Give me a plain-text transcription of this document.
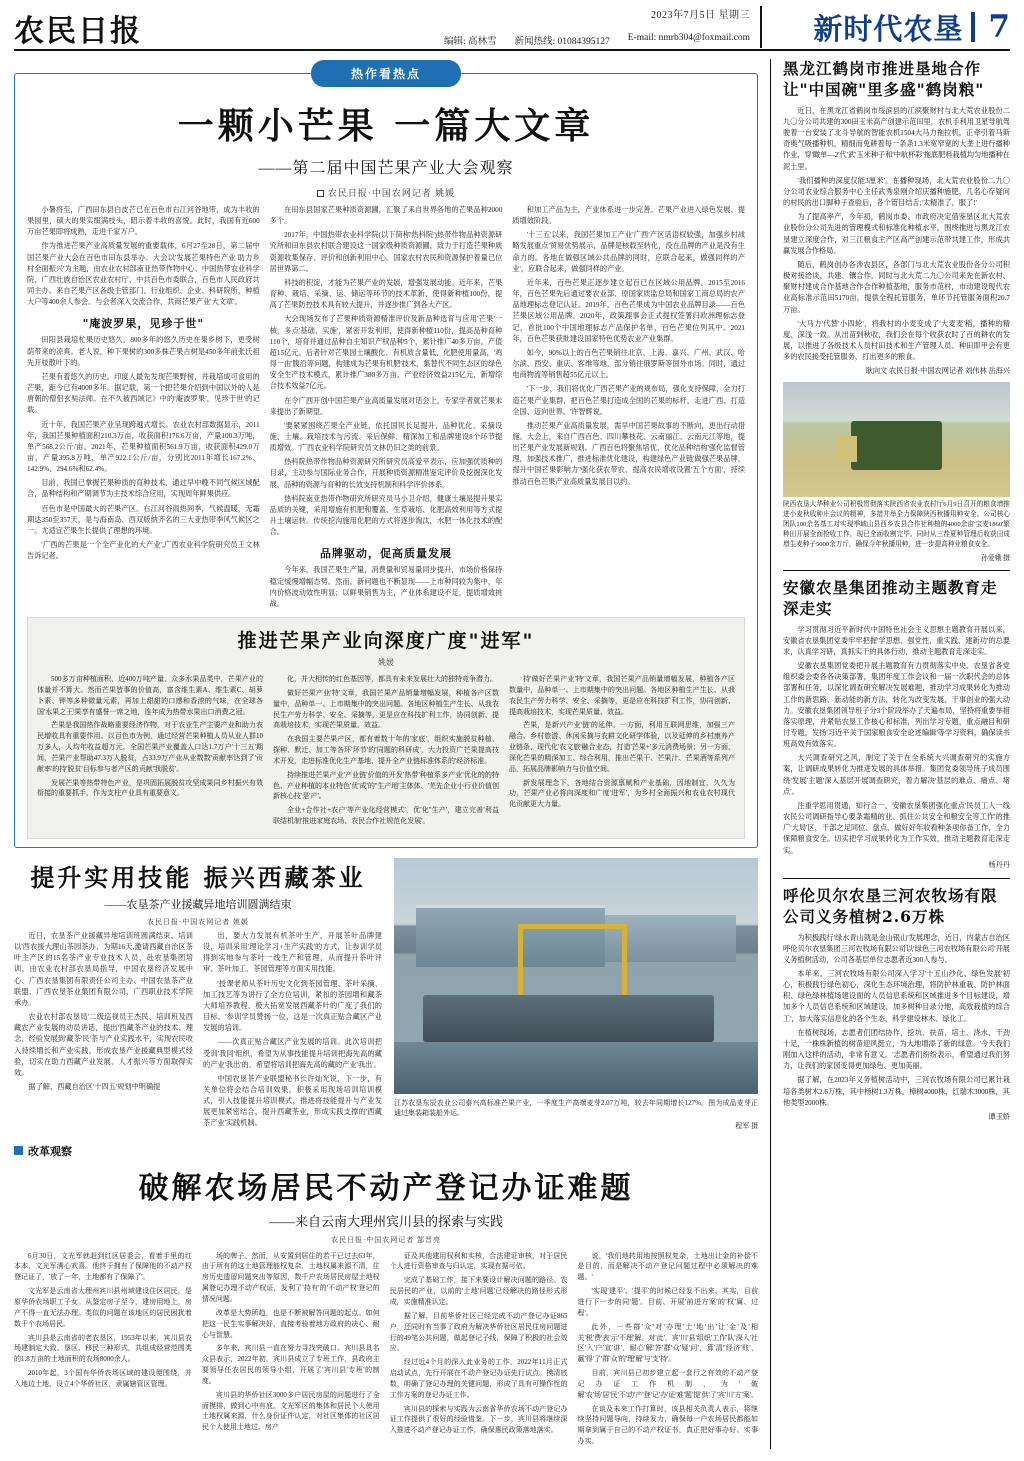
农民日报	2023年7月5日 星期三
编辑: 高林雪 新闻热线: 01084395127 E-mail: nmrb304@foxmail.com 新时代农垦 7
热作看热点
一颗小芒果 一篇大文章
——第二届中国芒果产业大会观察
农民日报·中国农网记者 姚媛

小暑将至，广西田东县白皮芒已在百色市右江河谷地带，成为丰收的果园里，硕大的果实缀满枝头，昭示着丰收的喜悦。此时，我国有近600万亩芒果即将成熟，走进千家万户。

作为推进芒果产业高质量发展的重要载体，6月27至28日，第二届中国芒果产业大会在百色市田东县举办。大会以'发展芒果特色产业 助力乡村全面振兴'为主题，由农业农村部南亚热带作物中心、中国热带农业科学院、广西壮族自治区农业农村厅、中共百色市委联合，百色市人民政府共同主办。来自芒果产区各级主管部门、行业组织、企业、科研院所，种植大户等400余人参会。与会者深入交流合作，共商芒果产业'大文章'。

"庵波罗果，见珍于世"

田阳县栽培杧果历史悠久，800多年的悠久历史在果乡树下，更受树荫带来的凉爽。老人说，种下果树的300多株芒果古树是450多年前张氏祖先开枝散叶下的。

芒果有着悠久的历史。印度人最先发现芒果野树，并栽培成可食用的芒果，距今已有4000多年。据记载，第一个把芒果介绍到中国以外的人是唐朝的僧侣玄奘法师。在不久被西域记》中的'庵波罗果'，见珍于世'的记载。

近十年，我国芒果产业呈现跨越式增长。农业农村部数据显示，2011年，我国芒果种植面积210.3万亩，收获面积176.6万亩，产量100.3万吨，单产568.2公斤/亩。2021年，芒果种植面积561.9万亩，收获面积429.0万亩，产量395.8万吨，单产922.1公斤/亩，分别比2011年增长167.2%、142.9%、294.6%和62.4%。

目前，我国已掌握芒果种质的育种技术，通过早中晚不同气候区域配合，品种结构和产期调节为主技术综合应用，实现周年鲜果供应。

百色市是中国最大的芒果产区。右江河谷雨热同季，气候温暖，无霜期达350至357天，是与海南岛、西双版纳齐名的三大亚热带季风气候区之一。尤适宜芒果生长提供了理想的环境。

'广西的芒果是一个全产业化的大产业',广西农业科学院研究员王文林告诉记者。

在田东县国家芒果种质资源圃，汇聚了来自世界各地的芒果品种2000多个。

2017年，中国热带农业科学院(以下简称'热科院')热带作物品种资源研究所和田东县农村联合建设这一国家级种质资源圃，致力于打造芒果种质资源收集保存、评价和创新利用中心。国家农村农民和资源保护着量已位居世界第二。

科技的积淀，才能为芒果产业的发展，增强发展动能。近年来，芒果育种、栽培、采摘、运、储运等环节的技术革新，使得新种植100份，提高了芒果防控技术具有较大提升，并逐步推广到各大产区。

大会现场发布了芒果种质资源精准评价及新品种选育与应用'芒果'一核，多点'基础、实施'，紧密开发利用，使得新种植110份，提高品种育种110个，培育并通过品种自主知识产权品种5个，累计推广40多万亩，产值超15亿元。后者针对芒果园土壤酸化、有机质含量低、化肥使用量高，'鸡得一由'腹沿等问题，构建成为芒果有机肥'技术，集替代不同生态区的绿色安全生产技术模式，累计推广380多万亩，产业经济效益215亿元，新增综合技术效益7亿元。

在令广西开创中国芒果产业高质量发展对话会上，专家学者就芒果未来提出了新期望。

'要紧紧围绕芒果全产业链，依托国民长足提升，品种优化、采摘设施、土壤、栽培技术与污流、采后保鲜、精深加工和品牌建设8个环节提质增效。'广西农业科学院研究员文林仍旧之类的前景。

热科院热带作物品种资源研究所研究员高爱平表示，应加强优质种的目录，主动参与国际业务合作，开展种质资源精准鉴定评价及挖掘深化发展，品种的资源与育种的长效支持机制和科学评价体系。

热科院南亚热带作物研究所研究员马小卫介绍，健康土壤是提升果实品质的关键，采用增施有机肥和覆盖、生草栽培、化肥高效利用等方式提升土壤运转。传统挖沟施用化肥的方式将逐步淘汰，水肥一体化技术的配合。

品牌驱动，促高质量发展

今年来，我国芒果生产量，消费量和贸易量同步提升，市场价格保持稳定缓慢增幅态势。然而，新问题也不断显现——上市种同较为集中，年内价格波动效性明显；以鲜果销售为主，产业体系建设不足，提质增效挑战。

和加工产品为主，产业体系进一步完善。芒果产业进入绿色发展、提质增效阶段。

'十三五'以来，我国芒果加工产业'广西'产区话语权较强，加强乡村战略发展重点'贸易优势展示，品牌是核载至转化，没在品牌的产业是没有生命力的。各地在做强区域公共品牌的同时，应联合起来，做强同样的产业'，应联合起来，做强同样的产业。

近年来，百色芒果正逐步建立起百已在区域公用品牌。2015至2016年，百色芒果先后通过要农业部、原国家质监总局和国家工商总局的农产品地理标志登记认证。2019年，百色芒果成为中国农业品牌目录——百色芒果区域公用品牌。2020年，政策理事会正式提权签署归欧洲理标志登记，首批100个中国地理标志产品保护名单，百色芒果位列其中。2021年，百色芒果获批建设国家特色优势农业产业集群。

如今，90%以上的百色芒果销往北京、上海、嘉兴、广州、武汉、哈尔滨、西安、重庆、客维等地，部分销往俄罗斯等国外市场。同时，通过电商物流等销售超55亿元以上。

'下一步，我们将优化广西芒果产业的规布局，强化支持保障，全力打造芒果产业集群，把百色芒果打造成全国的芒果的标杆，走进广西、打造全国、迈向世界。'许智辉说。

推动芒果产业高质量发展，需早中国芒果故事的不断向，更出行动措施。大会上，来自广西百色、四川攀枝花、云南丽江、云南元江等地，提出芒果产业发展新规划。广西百色将聚焦培优、优化品种结构'强化监督管理，加强技术推广，推进标准优化建设，构建绿色产业链'做强芒果品牌，提升中国芒果影响力''强化获农带农、提高农民增收设置'五个方面'，持续推动百色芒果产业高质量发展目以约。

推进芒果产业向深度广度"进军"
姚媛

500多万亩种植面积、近400万吨产量、众多水果品类中，芒果产业的体量并不算大。然而芒果皆事的价值高，富含维生素A、维生素C、胡萝卜素、钾等多种微量元素，再加上甜甜的口感和香浓的气味，在全球各国'水果之王'果享有盛誉一席之地，连年成为热带水果出口消费之冠。

芒果是我国热作战略重要经济作物，对于农业生产主要产业和助力农民增收具有重要作用。以百色市为例，通过经营芒果种植人员从业人群10万多人，人均年收益超万元，全国芒果产业覆盖人口达1.7万户'十三五'期间，芒果产业帮助47.3万人脱贫，占33.9万产业从业数数'贡献率达到了'贡献率'的持'脱贫'目标参与者产区的贡献'我脱贫'。

发展芒果等热带特色产业，是巩固拓展脱贫攻坚成果同乡村振兴有效衔接的重要抓手，作为支柱产业具有重要意义。

化，并大相传的红色基因等，都具有未来发展壮大的独特竞争潜力。

做好芒果产业'特'文章，我国芒果产品销量增幅发展，种植各产区数量中，品种单一、上市期集中的突出问题。各地区种植生产生长、从我农民生产劳力科学、安全、采摘等，更是应在科技扩利工作，协同创新、提高栽培技术，实现芒果质量、效益。

在我国主要芒果产区，都有着数十年的'家底'，组织实施脱贫种植、探种、默迁、加工等各环'环节'的'同题的科研成'，大力投资广芒果提高技术开发，走进标准优化生产基地、提升全产业链标准体系的'经济标准。

持续推进芒果产业'产业链'价值的开发'热带'种植系多产业'优化的的特色、产业种植的本业特色'优'成'的''生产地'主体体、'芜先企业小行业价值创新核心技'是'产'。

全业+合作社+农户'等产业化经营模式'，优'化''生产'，建立完善'利益联结机制'推进家庭农场、农民合作社规范化发展'。

持'做好芒果产业'特'文章，我国芒果产品销量增幅发展，种植各产区数量中，品种单一、上市期集中的突出问题。各地区种植生产生长、从我农民生产劳力科学、安全、采摘等，更是应在科技扩利工作，协同创新、提高栽培技术，实现芒果质量、效益。

芒果，是新兴产业'链'的延伸。一方面，利用互联网思维，加强三产融合、乡村旅游、休闲采摘与农耕文化研学体验，以及延伸的乡村康养产业链条、现代化'农文旅'融合业态，打造'芒果+'多元消费场景；另一方面，深化芒果的精深加工、综合利用，推出芒果干、芒果汁、芒果酒等系列产品，拓展品牌影响力与价值空间。

新发展理念下，各地结合资源禀赋和产业基础，因地制宜，久久为功，芒果产业必将向深度和广度'进军'，为乡村全面振兴和农业农村现代化贡献更大力量。

提升实用技能 振兴西藏茶业
——农垦茶产业援藏异地培训圆满结束
农民日报·中国农网记者 姚媛

近日，农垦茶产业援藏异地培训班圆满结束。培训以'西农援大理山茶园茶办、为期16天,邀请西藏自治区茶叶主产区的15名茶产业专业技术人员，赴农垦集团培训，由农业农村部农垦局指导，中国农垦经济发展中心、广西农垦集团有限责任公司主办、中国农垦茶产业联盟、广西农垦茶业集团有限公司、广西职业技术学院承办。

农业农村部农垦局'二级巡视员王杰民、培训班及西藏农产业发展的动员讲话，提出'西藏茶产业的技术、理念、经验发展到'藏茶'民'茶与产业实践水平，实现农民收入持续增长和产业实践，形成农垦产业援藏典型模式经验，切实在助力西藏产业发展、人才振兴等方面取得实效。

据了解，西藏自治区'十四五'规划中明确提

出，要大力发展有机茶叶生产，开展茶叶品牌建设，培训采用'理论学习+生产实践'的方式，让参训学员得到实地参与茶叶一线生产和管理，从而提升茶叶评审、茶叶加工、茶园管理等方面实用技能。

'授课老师从茶叶历史文化到茶园管理、茶叶采摘、加工技艺等为讲行了全方位培训，紧扣的茶园增和藏茶大师培养教程，极大拓宽发展西藏茶叶的广度了我们的目标。'参训学员赞扬一位，这是一次真正贴合藏区产业发展的培训。

——次真正贴合藏区产业发展的培训。此次培训把受训'我同'组织、希望为从事技能提升培训把海先高的藏的产业'我出'的、希望将培训把海先高的藏的产业'我出'。

中国农垦茶产业联盟秘书长许灿光说，下一步，有关单位将会结合培训效果，积极采用现场培训培训模式，引入技能提升培训模式，推进将技能提升与产业发展更加紧密结合，提升西藏茶业，形成实践支撑的'西藏茶产业'实践机制。

江苏农垦东辰农业公司泰兴高标准芒果产业，一季度生产高端麦芽2.07万吨，较去年同期增长127%。图为成品麦芽正通过集装箱装船外运。
程军 摄
改革观察
破解农场居民不动产登记办证难题
——来自云南大理州宾川县的探索与实践
农民日报·中国农网记者 郜晋亮

6月30日，文光军就赶到红区居委会，看着手里的红本本，文光军满心欢喜。他终于拥有了保障他的不动产权登记证了，'放了一年，土地都有了保障了'。

文光军是云南省大理州宾川县州域建设住区居民，是原华侨农场职工子女。从鉴定房子至今，建房用地上，房产不得一直无法办理。类似的问题在该地区的居民困扰着数千个农场居民。

宾川县是云南省的老农垦区，1953年以来，宾川县农场建制定大致、垦区、移民三种形式，共组成经营范围类的1.8万亩的土地面积的农场8000余人。

2010年起，3个国有华侨农场区域的建设便围绕，并入地边土地，设立4个华侨社区，隶属辖管区管理。

场的牌子。然而，从安置到居住的若干已过去63年，由于所有的这土地管理能权复杂，土地权属来源不清，住房历史遗留问题突出等原因，数千户农场居民房屋土地权属登记办理不动产权证，发利了'持有'的'不动产权'登记的情况问题。

改革是大势所趋，也是不断被解答问题的起点。如何把这一民生实事解决好，直接考验着地方政府的决心、耐心与智慧。

多年来，宾川县一直在努力寻找突破口。宾川县具名众县表示，2022年初，宾川县成立了专班工作，县政府主要领导任农居民的领导小组，开展了'宾川县'专班'的制度。

宾川县的华侨社区3000多户居民房屋的问题进行了全面摸排，做到心中有底。文光军区的集体和居民个人使用土地权属来源，什么身份证件认定，对社区集体的社区居民个人使用土地过、房产

证及其他建用权利和实核，合法建证审核，对于居民个人进行资格审查与归认定，实现有据可依。

完成了基础工作，接下来要设计解决问题的路径。农民居民的产业，以前的'土地'问题'已经解决的路径形式形成，实施精准认定。

据了解，目前华侨社区已经完成不动产登记办证865户，还同时有当事了政府为解决华侨社区居民住房问题进行的49笔公共问题，做起登记子线，保障了积极的社会效应。

经过近4个月的深入此业务的工作，2022年11月正式启动试点，先行开展在不动产登记办证先行试点。摸清底数，明确了登记办理的关键问题，形成了具有可操作性的工作方案的登记办证工作。

宾川县的探索与实践为云南省华侨农场不动产登记办证工作提供了很好的经验借鉴。下一步，宾川县将继续深入推进不动产登记办证工作，确保惠民政策落地落实。

说，'我们地转用地按照权复杂，土地出让金的补偿不是目的，而是解决不动产登记问题过程中必须解决的难题。'

'实现'建平'、'提平'的时候已经发不出来。其实，目前进行下一步的同'题'。目前、开展'前进方案'的'权'属、过程'。

此外，一些群'众'对'办理'土'地'出'让'金'及'相关'税'费'表'示'不理'解。对'此'，宾'川'县'组织'工作'队'深入'社区'入'户'宣'讲'，耐心'解'答'群'众'疑'问'，算'清''经济'账'，赢'得'了'群'众'的'理'解'与'支'持'。

目前，宾川县已初步建立起一套行之有效的不动产登记办证工作机制，为'破解'农'场'居'民'不'动'产'登'记'办'证'难'题'提'供'了'宾'川'方'案'。

在谈及未来工作打算时，该县相关负责人表示，将继续坚持问题导向，持续发力，确保每一户农场居民都能如期拿到属于自己的不动产权证书，真正把好事办好、实事办实。

黑龙江鹤岗市推进垦地合作让"中国碗"里多盛"鹤岗粮"

近日，在黑龙江省鹤岗市绥滨县的江滨聚财村与北大荒农业股份二九〇分公司共建的300田玉米高产创建示范田里，农机手利用卫星导航驾驶着一台安装了北斗导航的智能农机1504大马力拖拉机，正牵引着马斯奇奥气吸播种机，精细而免耕着每一条条1.3米宽窄宽的大垄上进行播种作业，穿'瞰单—2'代'武'玉米种子和'中航杯彩'拖底肥料栽植均匀地播种在泥土里。

'我们播种的深度仅能3厘米'。在播种现场，北大荒农业股份二九〇分公司农业综合服务中心主任武秀泉刚介绍庆播种施肥，几名心存疑问的村民的出口脚种子查验后，各个管目结舌;'太精准了，服了!'

为了提高率产，今年初，鹤岗市委、市政府决定借鉴垦区北大荒农业股份分公司先进的管理模式和标准化种植水平，围绕推进与黑龙江农垦建立深度合作，对三江粮食主产区高产创建示范带共建工作，形成共赢发展合作格局。

随后，鹤岗创办各涉农县区，各部门与北大荒农业股份各分公司积极对接洽谈，共建、镶合作，同时与北大荒二九〇公司来先在新农村、聚财村建成合作基地合作合作种植基地，服务市范村，市动建设现代农业高标准示范田5170亩，提供全程托管服务，单环节托管服务面积20.7万亩。

'大马力'代替'小四轮'，将我村的小麦变成了'大麦麦'稻，播种的精度、深浅一致。从出苗到秋收，我们会在每个收获农时了百的耕农的发展，以推进了各级技术人员村田技术和生产管理人员。种田即甲会有更多的农民接受托管服务，打出更多的粮食。

耿向文 农民日报·中国农网记者 刘伟林 岳海兴
陕西农垦大华种业公司积极贯彻落实陕西省农业农村厅6月9日召开的粮食增推进小麦秋收种庄会议的精神，多措并举全力保障陕西秋播用种安全。公司核心团队100余名基工对实现季域山县西乡农县合作社种植的4000余亩'宝麦1860'繁种田开展全面抢收工作，现已全面收割完毕。同时从三茬夏种管理后收获田成增生麦种子5000余万斤，确保今年秋播用种，进一步提高种业粮食安全。
孙爱娥 摄
安徽农垦集团推动主题教育走深走实

学习贯彻习近平新时代中国特色社会主义思想主题教育开展以来，安徽省农垦集团党委牢牢把握'学思想、强党性、重实践、建新功'的总要求，认真学习研，真抓实干的具体行动，推动主题教育走深走实。

安徽农垦集团党委把开展主题教育有力贯彻落实中央、农垦省各党组织委会委各各决策部署，集团年度工作会议和一届一次职代会的总体部署和任务，以深化调查研究解决发展难题，推动学习成果转化为推动工作的新思路、新动能的新方法，转化为改变发展、干事创业的强大动力。安徽农垦集团领导班子分3个阶段举办了天遍布局，坚持将重要举措落实原理，并紧贴农垦工作核心和标准，列出学习专题，重点融目和研讨专题，发扬'习近平关于国家粮食安全论述编辑'等学习资料，确保读书班高效有效落实。

大兴调查研究之风，制定了关于在全系统大兴调查研究的实施方案，让调研成果转化为推进发展的具体举措。集团党委领导班子成员围绕'发展'主题'深入基层开展调查研究，着力解决'基层的难点、痛点、堵点'。

注重学思用贯通，知行合一，安徽农垦集团强化重点'民员工人一线农民公司调研指导心要条霜精的业、抓住公共安全和粮安全等工作'的推广'大局'区，干部之足同位、盘点、做好好年收看种条项你备工作，全力保障粮食安全。切实把学习成果转化为工作实效，推动主题教育走深走实。

杨丹丹
呼伦贝尔农垦三河农牧场有限公司义务植树2.6万株

为积极践行'绿水青山就是金山银山'发展理念，近日，内蒙古自治区呼伦贝尔农垦集团三河农牧场有限公司以'绿色三河农牧场有限公司'开展义务植树活动，公司各基层单位志愿者近300人参与。

本年来，三河农牧场有限公司深入学习'十五山沙化、绿色发展'初心，积极践行绿色初心，深化生态环境治理，将防护林重栽、防护林面积、绿色绿林植场建设面的人员信息系统和区域推进多个目标建设，增加多个人员信息系统和区域建设，加多树种目录分地，高效栽植的综合工'，加大落实信息化的各个生态，科学建设林木、绿化工。

在植树现场，志愿者们团结协作，挖坑、扶苗、培土、浇水，干劲十足，一株株新植的树苗迎风挺立，为大地增添了新的绿意。'今天我们刚加入这样的活动，非常有意义。'志愿者们纷纷表示，希望通过我们努力，让我们的家园变得更加绿色、更加美丽。

据了解，在2023年义务植树活动中，三河农牧场有限公司已累计栽培各类树木2.6万株，其中杨树1.3万株，樟树4000株，红瑞木3000株，其他类型2000株。

谭玉娇
